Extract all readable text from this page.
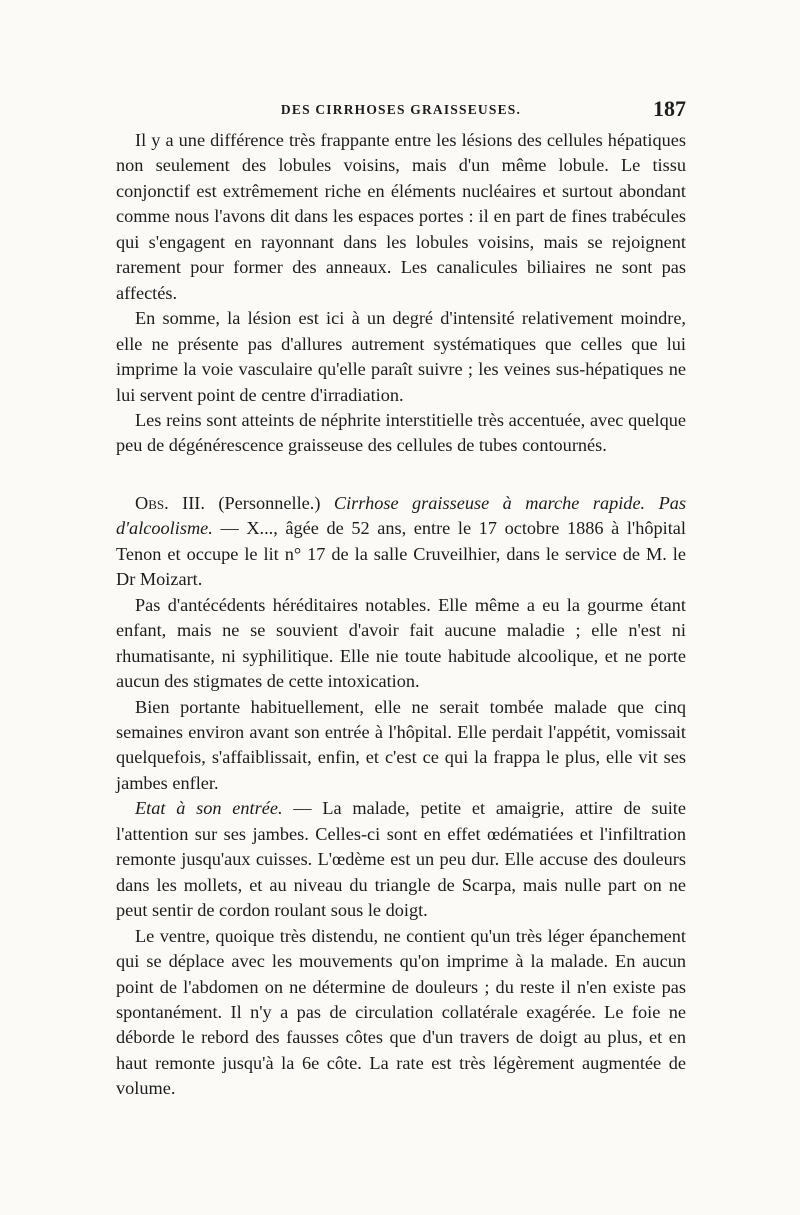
DES CIRRHOSES GRAISSEUSES.	187

Il y a une différence très frappante entre les lésions des cellules hépatiques non seulement des lobules voisins, mais d'un même lobule. Le tissu conjonctif est extrêmement riche en éléments nucléaires et surtout abondant comme nous l'avons dit dans les espaces portes : il en part de fines trabécules qui s'engagent en rayonnant dans les lobules voisins, mais se rejoignent rarement pour former des anneaux. Les canalicules biliaires ne sont pas affectés.

En somme, la lésion est ici à un degré d'intensité relativement moindre, elle ne présente pas d'allures autrement systématiques que celles que lui imprime la voie vasculaire qu'elle paraît suivre ; les veines sus-hépatiques ne lui servent point de centre d'irradiation.

Les reins sont atteints de néphrite interstitielle très accentuée, avec quelque peu de dégénérescence graisseuse des cellules de tubes contournés.

Obs. III. (Personnelle.) Cirrhose graisseuse à marche rapide. Pas d'alcoolisme. — X..., âgée de 52 ans, entre le 17 octobre 1886 à l'hôpital Tenon et occupe le lit n° 17 de la salle Cruveilhier, dans le service de M. le Dr Moizart.

Pas d'antécédents héréditaires notables. Elle même a eu la gourme étant enfant, mais ne se souvient d'avoir fait aucune maladie ; elle n'est ni rhumatisante, ni syphilitique. Elle nie toute habitude alcoolique, et ne porte aucun des stigmates de cette intoxication.

Bien portante habituellement, elle ne serait tombée malade que cinq semaines environ avant son entrée à l'hôpital. Elle perdait l'appétit, vomissait quelquefois, s'affaiblissait, enfin, et c'est ce qui la frappa le plus, elle vit ses jambes enfler.

Etat à son entrée. — La malade, petite et amaigrie, attire de suite l'attention sur ses jambes. Celles-ci sont en effet œdématiées et l'infiltration remonte jusqu'aux cuisses. L'œdème est un peu dur. Elle accuse des douleurs dans les mollets, et au niveau du triangle de Scarpa, mais nulle part on ne peut sentir de cordon roulant sous le doigt.

Le ventre, quoique très distendu, ne contient qu'un très léger épanchement qui se déplace avec les mouvements qu'on imprime à la malade. En aucun point de l'abdomen on ne détermine de douleurs ; du reste il n'en existe pas spontanément. Il n'y a pas de circulation collatérale exagérée. Le foie ne déborde le rebord des fausses côtes que d'un travers de doigt au plus, et en haut remonte jusqu'à la 6e côte. La rate est très légèrement augmentée de volume.
